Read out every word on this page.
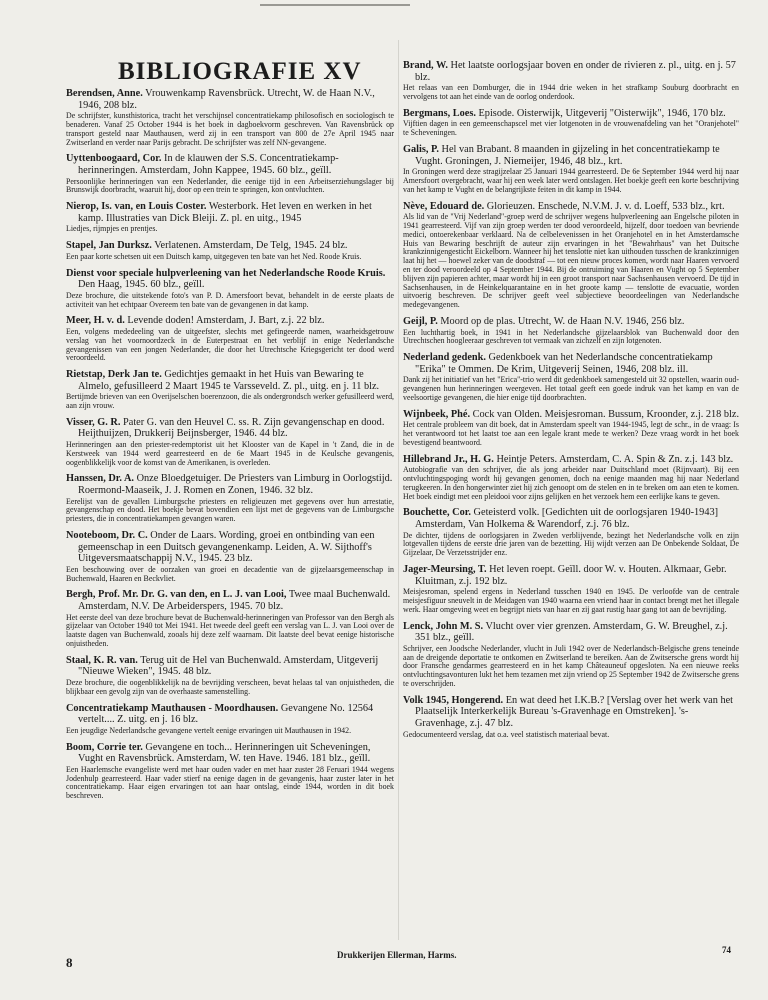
BIBLIOGRAFIE XV
Berendsen, Anne. Vrouwenkamp Ravensbrück. Utrecht, W. de Haan N.V., 1946, 208 blz.
De schrijfster, kunsthistorica, tracht het verschijnsel concentratiekamp philosofisch en sociologisch te benaderen. Vanaf 25 October 1944 is het boek in dagboekvorm geschreven. Van Ravensbrück op transport gesteld naar Mauthausen, werd zij in een transport van 800 de 27e April 1945 naar Zwitserland en verder naar Parijs gebracht. De schrijfster was zelf NN-gevangene.
Uyttenboogaard, Cor. In de klauwen der S.S. Concentratiekamp-herinneringen. Amsterdam, John Kappee, 1945. 60 blz., geïll.
Persoonlijke herinneringen van een Nederlander, die eenige tijd in een Arbeitserziehungslager bij Brunswijk doorbracht, waaruit hij, door op een trein te springen, kon ontvluchten.
Nierop, Is. van, en Louis Coster. Westerbork. Het leven en werken in het kamp. Illustraties van Dick Bleiji. Z. pl. en uitg., 1945
Liedjes, rijmpjes en prentjes.
Stapel, Jan Durksz. Verlatenen. Amsterdam, De Telg, 1945. 24 blz.
Een paar korte schetsen uit een Duitsch kamp, uitgegeven ten bate van het Ned. Roode Kruis.
Dienst voor speciale hulpverleening van het Nederlandsche Roode Kruis. Den Haag, 1945. 60 blz., geïll.
Deze brochure, die uitstekende foto's van P. D. Amersfoort bevat, behandelt in de eerste plaats de activiteit van het echtpaar Overeem ten bate van de gevangenen in dat kamp.
Meer, H. v. d. Levende doden! Amsterdam, J. Bart, z.j. 22 blz.
Een, volgens mededeeling van de uitgeefster, slechts met gefingeerde namen, waarheidsgetrouw verslag van het voornoordzeck in de Euterpestraat en het verblijf in enige Nederlandsche gevangenissen van een jongen Nederlander, die door het Utrechtsche Kriegsgericht ter dood werd veroordeeld.
Rietstap, Derk Jan te. Gedichtjes gemaakt in het Huis van Bewaring te Almelo, gefusilleerd 2 Maart 1945 te Varsseveld. Z. pl., uitg. en j. 11 blz.
Bertijmde brieven van een Overijselschen boerenzoon, die als ondergrondsch werker gefusilleerd werd, aan zijn vrouw.
Visser, G. R. Pater G. van den Heuvel C. ss. R. Zijn gevangenschap en dood. Heijthuijzen, Drukkerij Beijnsberger, 1946. 44 blz.
Herinneringen aan den priester-redemptorist uit het Klooster van de Kapel in 't Zand, die in de Kerstweek van 1944 werd gearresteerd en de 6e Maart 1945 in de Keulsche gevangenis, oogenblikkelijk voor de komst van de Amerikanen, is overleden.
Hanssen, Dr. A. Onze Bloedgetuiger. De Priesters van Limburg in Oorlogstijd. Roermond-Maaseik, J. J. Romen en Zonen, 1946. 32 blz.
Eerelijst van de gevallen Limburgsche priesters en religieuzen met gegevens over hun arrestatie, gevangenschap en dood. Het boekje bevat bovendien een lijst met de gegevens van de Limburgsche priesters, die in concentratiekampen gevangen waren.
Nooteboom, Dr. C. Onder de Laars. Wording, groei en ontbinding van een gemeenschap in een Duitsch gevangenenkamp. Leiden, A. W. Sijthoff's Uitgeversmaatschappij N.V., 1945. 23 blz.
Een beschouwing over de oorzaken van groei en decadentie van de gijzelaarsgemeenschap in Buchenwald, Haaren en Beckvliet.
Bergh, Prof. Mr. Dr. G. van den, en L. J. van Looi, Twee maal Buchenwald. Amsterdam, N.V. De Arbeiderspers, 1945. 70 blz.
Het eerste deel van deze brochure bevat de Buchenwald-herinneringen van Professor van den Bergh als gijzelaar van October 1940 tot Mei 1941. Het tweede deel geeft een verslag van L. J. van Looi over de laatste dagen van Buchenwald, zooals hij deze zelf waarnam. Dit laatste deel bevat eenige historische onjuistheden.
Staal, K. R. van. Terug uit de Hel van Buchenwald. Amsterdam, Uitgeverij "Nieuwe Wieken", 1945. 48 blz.
Deze brochure, die oogenblikkelijk na de bevrijding verscheen, bevat helaas tal van onjuistheden, die blijkbaar een gevolg zijn van de overhaaste samenstelling.
Concentratiekamp Mauthausen - Moordhausen. Gevangene No. 12564 vertelt.... Z. uitg. en j. 16 blz.
Een jeugdige Nederlandsche gevangene vertelt eenige ervaringen uit Mauthausen in 1942.
Boom, Corrie ter. Gevangene en toch... Herinneringen uit Scheveningen, Vught en Ravensbrück. Amsterdam, W. ten Have. 1946. 181 blz., geïll.
Een Haarlemsche evangeliste werd met haar ouden vader en met haar zuster 28 Feruari 1944 wegens Jodenhulp gearresteerd. Haar vader stierf na eenige dagen in de gevangenis, haar zuster later in het concentratiekamp. Haar eigen ervaringen tot aan haar ontslag, einde 1944, worden in dit boek beschreven.
Brand, W. Het laatste oorlogsjaar boven en onder de rivieren z. pl., uitg. en j. 57 blz.
Het relaas van een Domburger, die in 1944 drie weken in het strafkamp Souburg doorbracht en vervolgens tot aan het einde van de oorlog onderdook.
Bergmans, Loes. Episode. Oisterwijk, Uitgeverij "Oisterwijk", 1946, 170 blz.
Vijftien dagen in een gemeenschapscel met vier lotgenoten in de vrouwenafdeling van het "Oranjehotel" te Scheveningen.
Galis, P. Hel van Brabant. 8 maanden in gijzeling in het concentratiekamp te Vught. Groningen, J. Niemeijer, 1946, 48 blz., krt.
In Groningen werd deze stragijzelaar 25 Januari 1944 gearresteerd. De 6e September 1944 werd hij naar Amersfoort overgebracht, waar hij een week later werd ontslagen. Het boekje geeft een korte beschrijving van het kamp te Vught en de belangrijkste feiten in dit kamp in 1944.
Nève, Edouard de. Glorieuzen. Enschede, N.V.M. J. v. d. Loeff, 533 blz., krt.
Als lid van de "Vrij Nederland"-groep werd de schrijver wegens hulpverleening aan Engelsche piloten in 1941 gearresteerd. Vijf van zijn groep werden ter dood veroordeeld, hijzelf, door toedoen van bevriende medici, ontoerekenbaar verklaard. Na de celbelevenissen in het Oranjehotel en in het Amsterdamsche Huis van Bewaring beschrijft de auteur zijn ervaringen in het "Bewahrhaus" van het Duitsche krankzinnigengesticht Eickelborn. Wanneer hij het tenslotte niet kan uithouden tusschen de krankzinnigen laat hij het — hoewel zeker van de doodstraf — tot een nieuw proces komen, wordt naar Haaren vervoerd en ter dood veroordeeld op 4 September 1944. Bij de ontruiming van Haaren en Vught op 5 September blijven zijn papieren achter, maar wordt hij in een groot transport naar Sachsenhausen vervoerd. De tijd in Sachsenhausen, in de Heinkelquarantaine en in het groote kamp — tenslotte de evacuatie, worden uitvoerig beschreven. De schrijver geeft veel subjectieve beoordeelingen van Nederlandsche medegevangenen.
Geijl, P. Moord op de plas. Utrecht, W. de Haan N.V. 1946, 256 blz.
Een luchthartig boek, in 1941 in het Nederlandsche gijzelaarsblok van Buchenwald door den Utrechtschen hoogleeraar geschreven tot vermaak van zichzelf en zijn lotgenoten.
Nederland gedenk. Gedenkboek van het Nederlandsche concentratiekamp "Erika" te Ommen. De Krim, Uitgeverij Seinen, 1946, 208 blz. ill.
Dank zij het initiatief van het "Erica"-trio werd dit gedenkboek samengesteld uit 32 opstellen, waarin oud-gevangenen hun herinneringen weergeven. Het totaal geeft een goede indruk van het kamp en van de veelsoortige gevangenen, die hier enige tijd doorbrachten.
Wijnbeek, Phé. Cock van Olden. Meisjesroman. Bussum, Kroonder, z.j. 218 blz.
Het centrale probleem van dit boek, dat in Amsterdam speelt van 1944-1945, legt de schr., in de vraag: Is het verantwoord tot het laatst toe aan een legale krant mede te werken? Deze vraag wordt in het boek bevestigend beantwoord.
Hillebrand Jr., H. G. Heintje Peters. Amsterdam, C. A. Spin & Zn. z.j. 143 blz.
Autobiografie van den schrijver, die als jong arbeider naar Duitschland moet (Rijnvaart). Bij een ontvluchtingspoging wordt hij gevangen genomen, doch na eenige maanden mag hij naar Nederland terugkeeren. In den hongerwinter ziet hij zich genoopt om de stelen en in te breken om aan eten te komen. Het boek eindigt met een pleidooi voor zijns gelijken en het verzoek hem een eerlijke kans te geven.
Bouchette, Cor. Geteisterd volk. [Gedichten uit de oorlogsjaren 1940-1943] Amsterdam, Van Holkema & Warendorf, z.j. 76 blz.
De dichter, tijdens de oorlogsjaren in Zweden verblijvende, bezingt het Nederlandsche volk en zijn lotgevallen tijdens de eerste drie jaren van de bezetting. Hij wijdt verzen aan De Onbekende Soldaat, De Gijzelaar, De Verzetsstrijder enz.
Jager-Meursing, T. Het leven roept. Geïll. door W. v. Houten. Alkmaar, Gebr. Kluitman, z.j. 192 blz.
Meisjesroman, spelend ergens in Nederland tusschen 1940 en 1945. De verloofde van de centrale meisjesfiguur sneuvelt in de Meidagen van 1940 waarna een vriend haar in contact brengt met het illegale werk. Haar omgeving weet en begrijpt niets van haar en zij gaat rustig haar gang tot aan de bevrijding.
Lenck, John M. S. Vlucht over vier grenzen. Amsterdam, G. W. Breughel, z.j. 351 blz., geïll.
Schrijver, een Joodsche Nederlander, vlucht in Juli 1942 over de Nederlandsch-Belgische grens teneinde aan de dreigende deportatie te ontkomen en Zwitserland te bereiken. Aan de Zwitsersche grens wordt hij door Fransche gendarmes gearresteerd en in het kamp Châteauneuf opgesloten. Na een nieuwe reeks ontvluchtingsavonturen lukt het hem tezamen met zijn vriend op 25 September 1942 de Zwitsersche grens te overschrijden.
Volk 1945, Hongerend. En wat deed het I.K.B.? [Verslag over het werk van het Plaatselijk Interkerkelijk Bureau 's-Gravenhage en Omstreken]. 's-Gravenhage, z.j. 47 blz.
Gedocumenteerd verslag, dat o.a. veel statistisch materiaal bevat.
8	Drukkerijen Ellerman, Harms.	74
